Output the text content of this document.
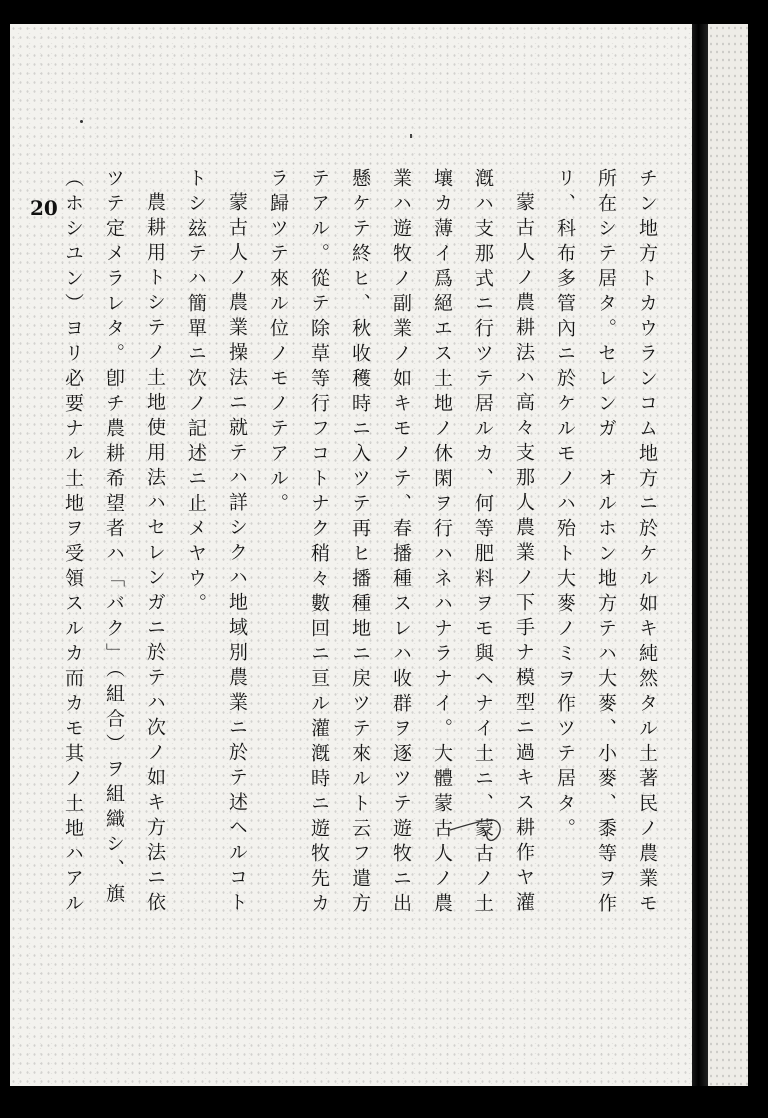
20	チン地方トカウランコム地方ニ於ケル如キ純然タル土著民ノ農業モ
所在シテ居タ。セレンガ　オルホン地方テハ大麥、小麥、黍等ヲ作
リ、科布多管內ニ於ケルモノハ殆ト大麥ノミヲ作ツテ居タ。
蒙古人ノ農耕法ハ高々支那人農業ノ下手ナ模型ニ過キス耕作ヤ灌
漑ハ支那式ニ行ツテ居ルカ、何等肥料ヲモ與ヘナイ土ニ、蒙古ノ土
壤カ薄イ爲絕エス土地ノ休閑ヲ行ハネハナラナイ。大體蒙古人ノ農
業ハ遊牧ノ副業ノ如キモノテ、春播種スレハ收群ヲ逐ツテ遊牧ニ出
懸ケテ終ヒ、秋收穫時ニ入ツテ再ヒ播種地ニ戻ツテ來ルト云フ遣方
テアル。從テ除草等行フコトナク稍々數回ニ亘ル灌漑時ニ遊牧先カ
ラ歸ツテ來ル位ノモノテアル。
蒙古人ノ農業操法ニ就テハ詳シクハ地域別農業ニ於テ述ヘルコト
トシ玆テハ簡單ニ次ノ記述ニ止メヤウ。
農耕用トシテノ土地使用法ハセレンガニ於テハ次ノ如キ方法ニ依
ツテ定メラレタ。卽チ農耕希望者ハ「バク」（組合）ヲ組織シ、旗
（ホシユン）ヨリ必要ナル土地ヲ受領スルカ而カモ其ノ土地ハアル
